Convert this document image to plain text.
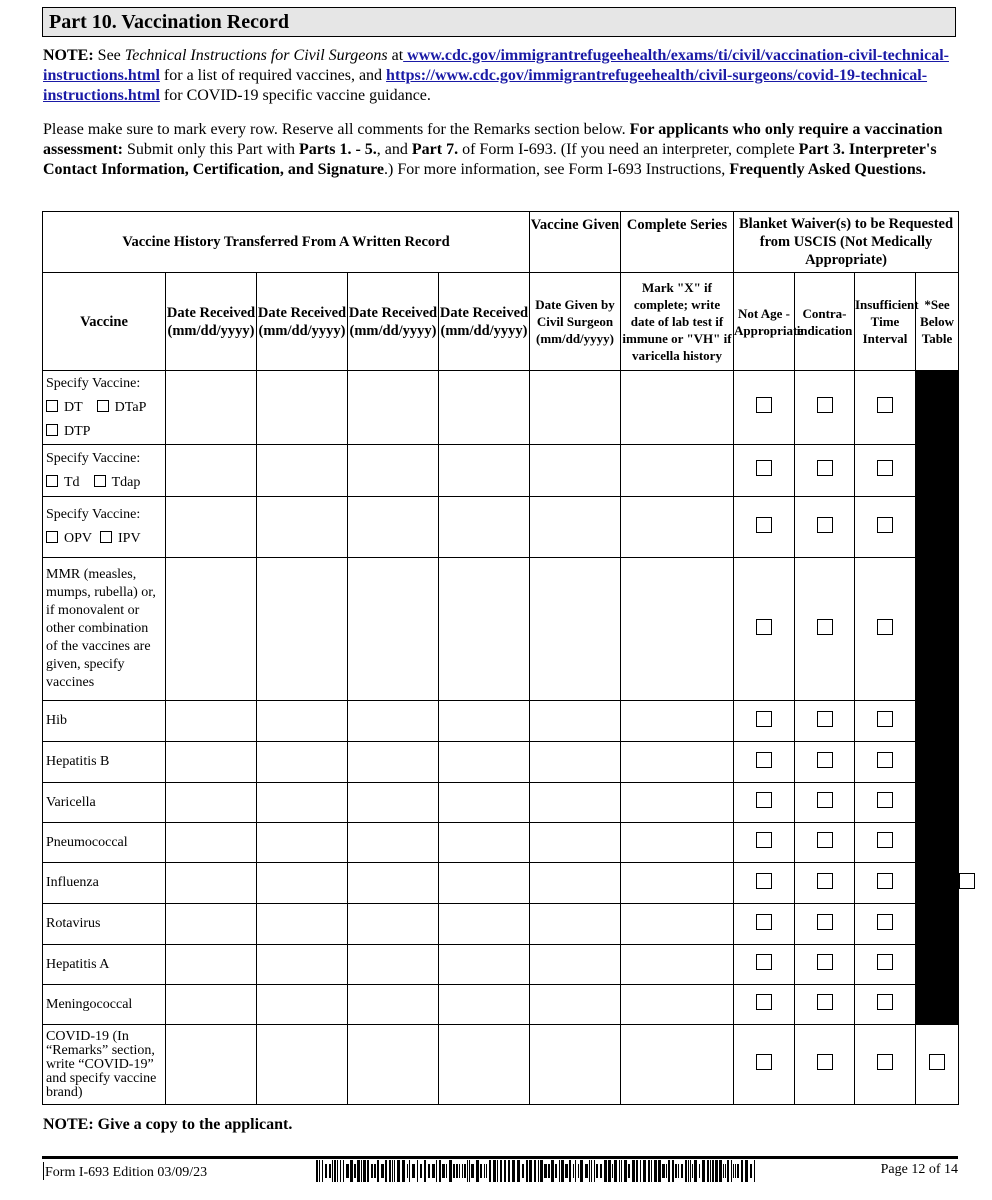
Part 10. Vaccination Record
NOTE: See Technical Instructions for Civil Surgeons at www.cdc.gov/immigrantrefugeehealth/exams/ti/civil/vaccination-civil-technical-instructions.html for a list of required vaccines, and https://www.cdc.gov/immigrantrefugeehealth/civil-surgeons/covid-19-technical-instructions.html for COVID-19 specific vaccine guidance.
Please make sure to mark every row. Reserve all comments for the Remarks section below. For applicants who only require a vaccination assessment: Submit only this Part with Parts 1. - 5., and Part 7. of Form I-693. (If you need an interpreter, complete Part 3. Interpreter's Contact Information, Certification, and Signature.) For more information, see Form I-693 Instructions, Frequently Asked Questions.
Vaccine History Transferred From A Written Record					Vaccine Given	Complete Series	Blanket Waiver(s) to be Requested from USCIS (Not Medically Appropriate)				
Vaccine	Date Received (mm/dd/yyyy)	Date Received (mm/dd/yyyy)	Date Received (mm/dd/yyyy)	Date Received (mm/dd/yyyy)	Date Given by Civil Surgeon (mm/dd/yyyy)	Mark "X" if complete; write date of lab test if immune or "VH" if varicella history	Not Age - Appropriate	Contra- indication	Insufficient Time Interval	*See Below Table	

Specify Vaccine:
DT DTaP
DTP											

Specify Vaccine:
Td Tdap											

Specify Vaccine:
OPV IPV											

MMR (measles, mumps, rubella) or, if monovalent or other combination of the vaccines are given, specify vaccines											
Hib											
Hepatitis B											
Varicella											
Pneumococcal											
Influenza											
Rotavirus											
Hepatitis A											
Meningococcal											
COVID-19 (In “Remarks” section, write “COVID-19” and specify vaccine brand)											
NOTE: Give a copy to the applicant.
Form I-693 Edition 03/09/23	Page 12 of 14
